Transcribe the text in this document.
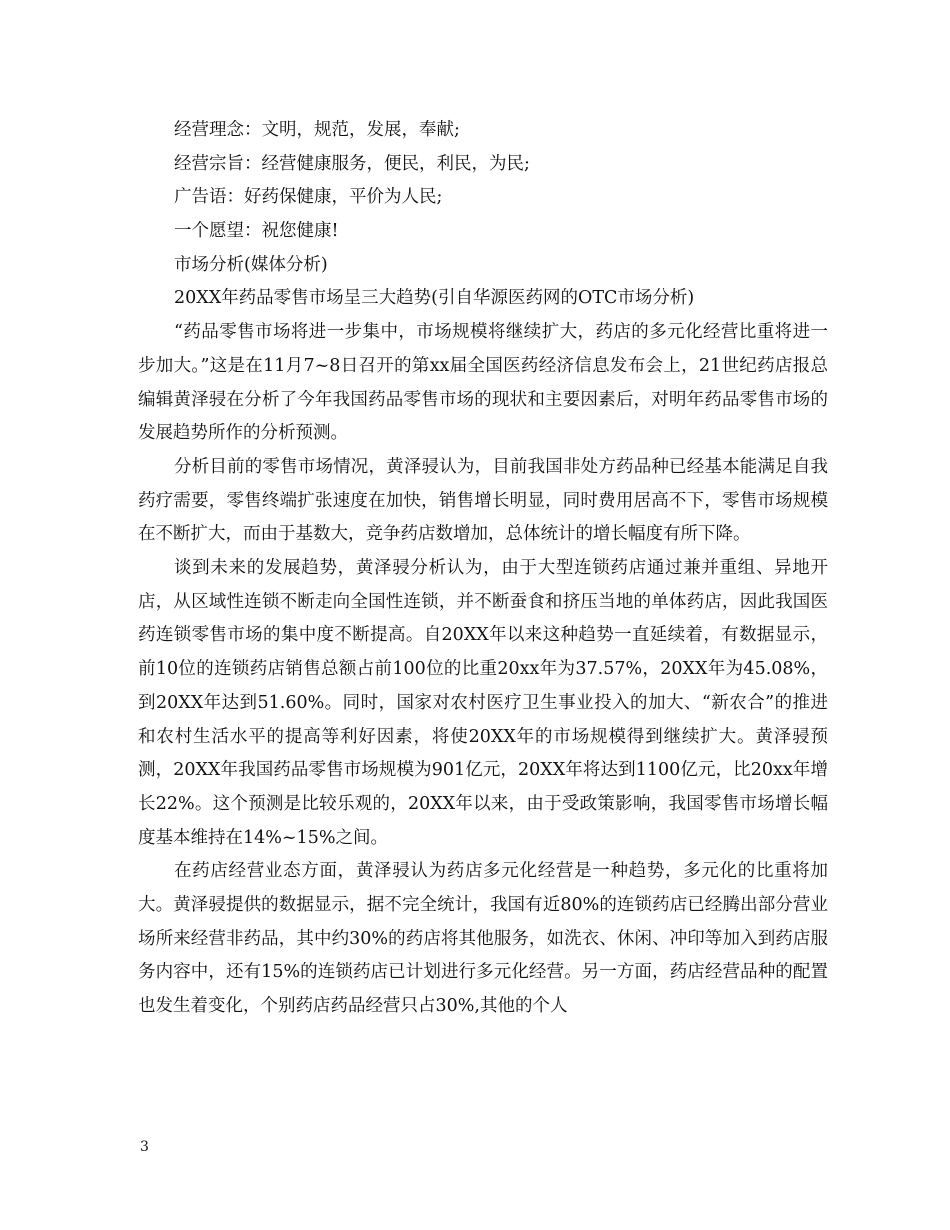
经营理念：文明，规范，发展，奉献;
经营宗旨：经营健康服务，便民，利民，为民;
广告语：好药保健康，平价为人民;
一个愿望：祝您健康!
市场分析(媒体分析)
20XX年药品零售市场呈三大趋势(引自华源医药网的OTC市场分析)

“药品零售市场将进一步集中，市场规模将继续扩大，药店的多元化经营比重将进一步加大。”这是在11月7~8日召开的第xx届全国医药经济信息发布会上，21世纪药店报总编辑黄泽骎在分析了今年我国药品零售市场的现状和主要因素后，对明年药品零售市场的发展趋势所作的分析预测。

分析目前的零售市场情况，黄泽骎认为，目前我国非处方药品种已经基本能满足自我药疗需要，零售终端扩张速度在加快，销售增长明显，同时费用居高不下，零售市场规模在不断扩大，而由于基数大，竞争药店数增加，总体统计的增长幅度有所下降。

谈到未来的发展趋势，黄泽骎分析认为，由于大型连锁药店通过兼并重组、异地开店，从区域性连锁不断走向全国性连锁，并不断蚕食和挤压当地的单体药店，因此我国医药连锁零售市场的集中度不断提高。自20XX年以来这种趋势一直延续着，有数据显示，前10位的连锁药店销售总额占前100位的比重20xx年为37.57%，20XX年为45.08%，到20XX年达到51.60%。同时，国家对农村医疗卫生事业投入的加大、“新农合”的推进和农村生活水平的提高等利好因素，将使20XX年的市场规模得到继续扩大。黄泽骎预测，20XX年我国药品零售市场规模为901亿元，20XX年将达到1100亿元，比20xx年增长22%。这个预测是比较乐观的，20XX年以来，由于受政策影响，我国零售市场增长幅度基本维持在14%~15%之间。

在药店经营业态方面，黄泽骎认为药店多元化经营是一种趋势，多元化的比重将加大。黄泽骎提供的数据显示，据不完全统计，我国有近80%的连锁药店已经腾出部分营业场所来经营非药品，其中约30%的药店将其他服务，如洗衣、休闲、冲印等加入到药店服务内容中，还有15%的连锁药店已计划进行多元化经营。另一方面，药店经营品种的配置也发生着变化，个别药店药品经营只占30%,其他的个人

3
